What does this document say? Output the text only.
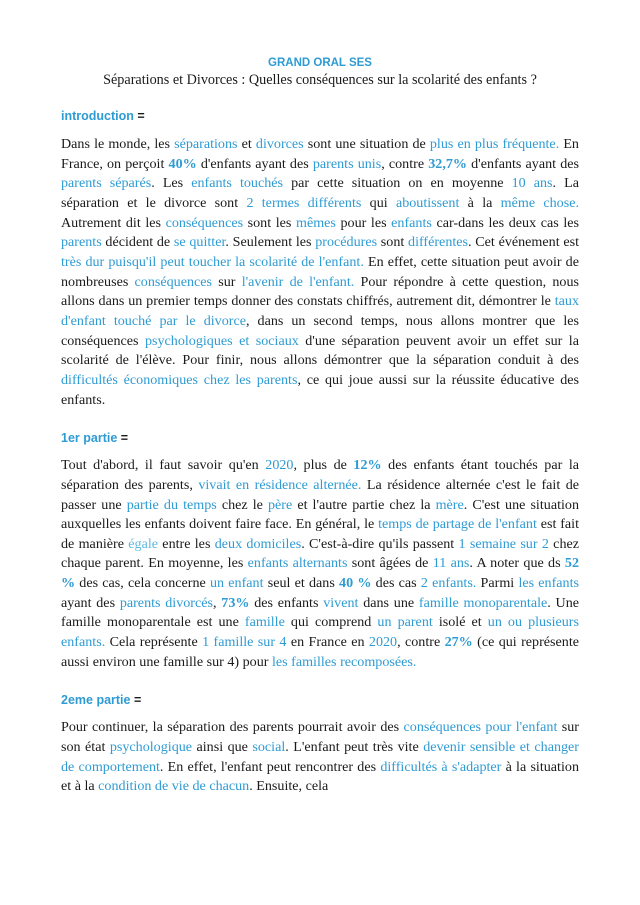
GRAND ORAL SES

Séparations et Divorces : Quelles conséquences sur la scolarité des enfants ?

introduction =

Dans le monde, les séparations et divorces sont une situation de plus en plus fréquente. En France, on perçoit 40% d'enfants ayant des parents unis, contre 32,7% d'enfants ayant des parents séparés. Les enfants touchés par cette situation on en moyenne 10 ans. La séparation et le divorce sont 2 termes différents qui aboutissent à la même chose. Autrement dit les conséquences sont les mêmes pour les enfants car-dans les deux cas les parents décident de se quitter. Seulement les procédures sont différentes. Cet événement est très dur puisqu'il peut toucher la scolarité de l'enfant. En effet, cette situation peut avoir de nombreuses conséquences sur l'avenir de l'enfant. Pour répondre à cette question, nous allons dans un premier temps donner des constats chiffrés, autrement dit, démontrer le taux d'enfant touché par le divorce, dans un second temps, nous allons montrer que les conséquences psychologiques et sociaux d'une séparation peuvent avoir un effet sur la scolarité de l'élève. Pour finir, nous allons démontrer que la séparation conduit à des difficultés économiques chez les parents, ce qui joue aussi sur la réussite éducative des enfants.

1er partie =

Tout d'abord, il faut savoir qu'en 2020, plus de 12% des enfants étant touchés par la séparation des parents, vivait en résidence alternée. La résidence alternée c'est le fait de passer une partie du temps chez le père et l'autre partie chez la mère. C'est une situation auxquelles les enfants doivent faire face. En général, le temps de partage de l'enfant est fait de manière égale entre les deux domiciles. C'est-à-dire qu'ils passent 1 semaine sur 2 chez chaque parent. En moyenne, les enfants alternants sont âgées de 11 ans. A noter que ds 52 % des cas, cela concerne un enfant seul et dans 40 % des cas 2 enfants. Parmi les enfants ayant des parents divorcés, 73% des enfants vivent dans une famille monoparentale. Une famille monoparentale est une famille qui comprend un parent isolé et un ou plusieurs enfants. Cela représente 1 famille sur 4 en France en 2020, contre 27% (ce qui représente aussi environ une famille sur 4) pour les familles recomposées.

2eme partie =

Pour continuer, la séparation des parents pourrait avoir des conséquences pour l'enfant sur son état psychologique ainsi que social. L'enfant peut très vite devenir sensible et changer de comportement. En effet, l'enfant peut rencontrer des difficultés à s'adapter à la situation et à la condition de vie de chacun. Ensuite, cela
